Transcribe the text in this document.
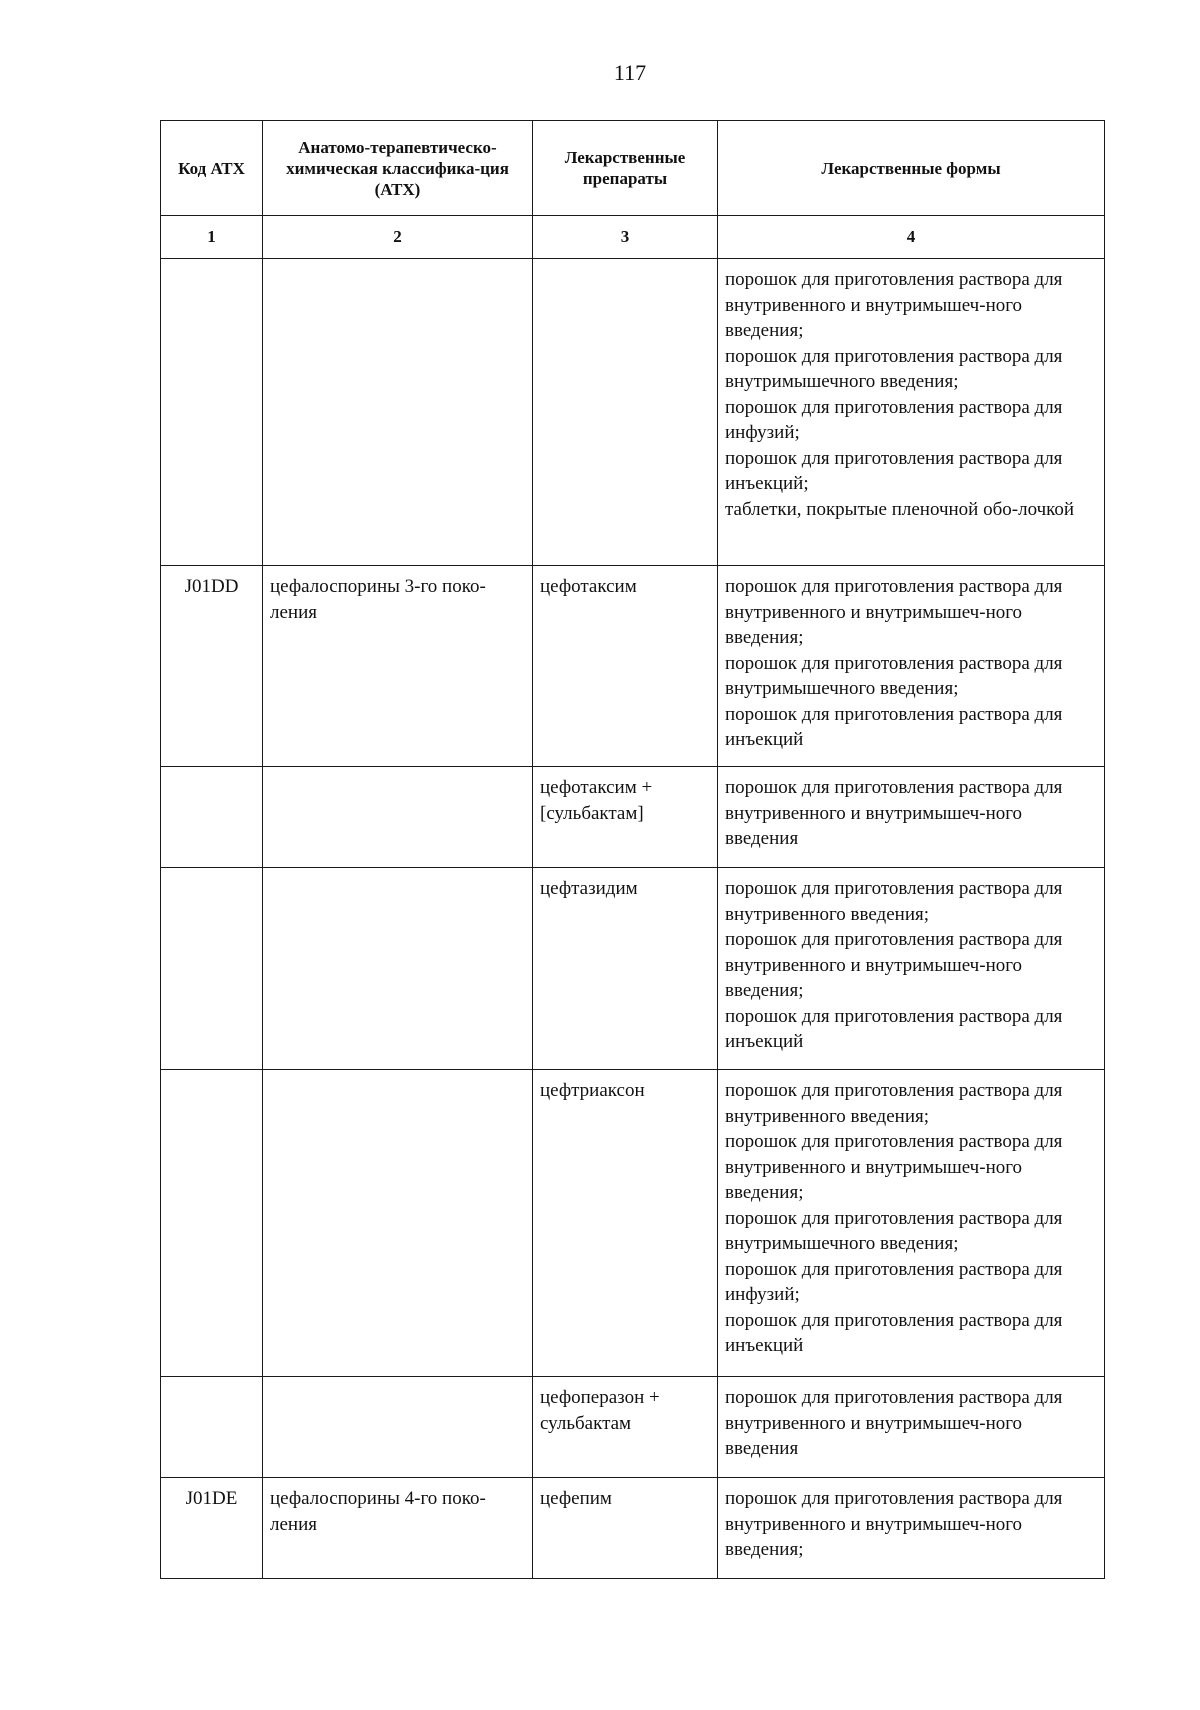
117
Код АТХ	Анатомо-терапевтическо-химическая классифика-ция (АТХ)	Лекарственные препараты	Лекарственные формы
1	2	3	4

			порошок для приготовления раствора для внутривенного и внутримышеч-ного введения;
порошок для приготовления раствора для внутримышечного введения;
порошок для приготовления раствора для инфузий;
порошок для приготовления раствора для инъекций;
таблетки, покрытые пленочной обо-лочкой

J01DD	цефалоспорины 3-го поко-ления	цефотаксим	порошок для приготовления раствора для внутривенного и внутримышеч-ного введения;
порошок для приготовления раствора для внутримышечного введения;
порошок для приготовления раствора для инъекций

		цефотаксим + [сульбактам]	порошок для приготовления раствора для внутривенного и внутримышеч-ного введения

		цефтазидим	порошок для приготовления раствора для внутривенного введения;
порошок для приготовления раствора для внутривенного и внутримышеч-ного введения;
порошок для приготовления раствора для инъекций

		цефтриаксон	порошок для приготовления раствора для внутривенного введения;
порошок для приготовления раствора для внутривенного и внутримышеч-ного введения;
порошок для приготовления раствора для внутримышечного введения;
порошок для приготовления раствора для инфузий;
порошок для приготовления раствора для инъекций

		цефоперазон + сульбактам	порошок для приготовления раствора для внутривенного и внутримышеч-ного введения

J01DE	цефалоспорины 4-го поко-ления	цефепим	порошок для приготовления раствора для внутривенного и внутримышеч-ного введения;
